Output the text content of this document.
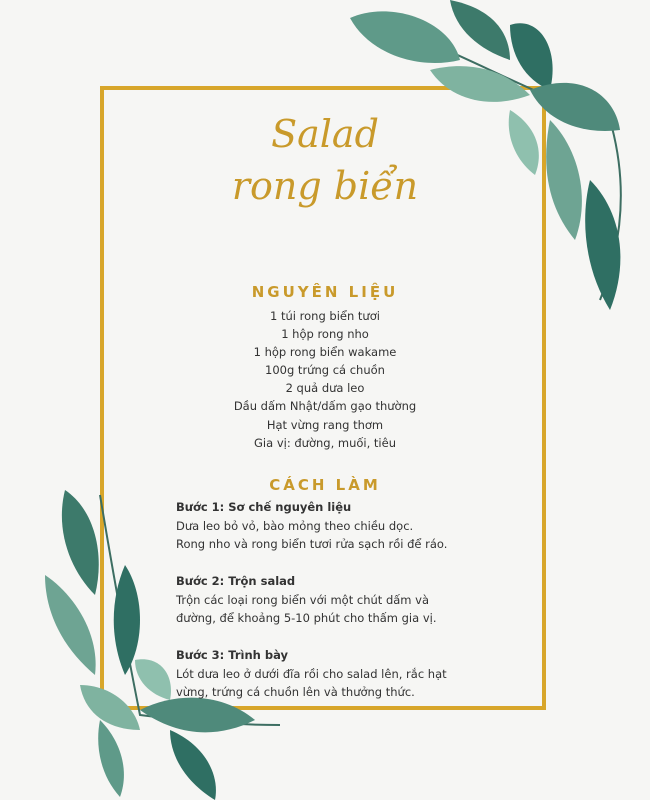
Salad
rong biển
NGUYÊN LIỆU
1 túi rong biển tươi
1 hộp rong nho
1 hộp rong biển wakame
100g trứng cá chuồn
2 quả dưa leo
Dầu dấm Nhật/dấm gạo thường
Hạt vừng rang thơm
Gia vị: đường, muối, tiêu
CÁCH LÀM
Bước 1: Sơ chế nguyên liệu
Dưa leo bỏ vỏ, bào mỏng theo chiều dọc.
Rong nho và rong biển tươi rửa sạch rồi để ráo.
Bước 2: Trộn salad
Trộn các loại rong biển với một chút dấm và
đường, để khoảng 5-10 phút cho thấm gia vị.
Bước 3: Trình bày
Lót dưa leo ở dưới đĩa rồi cho salad lên, rắc hạt
vừng, trứng cá chuồn lên và thưởng thức.
